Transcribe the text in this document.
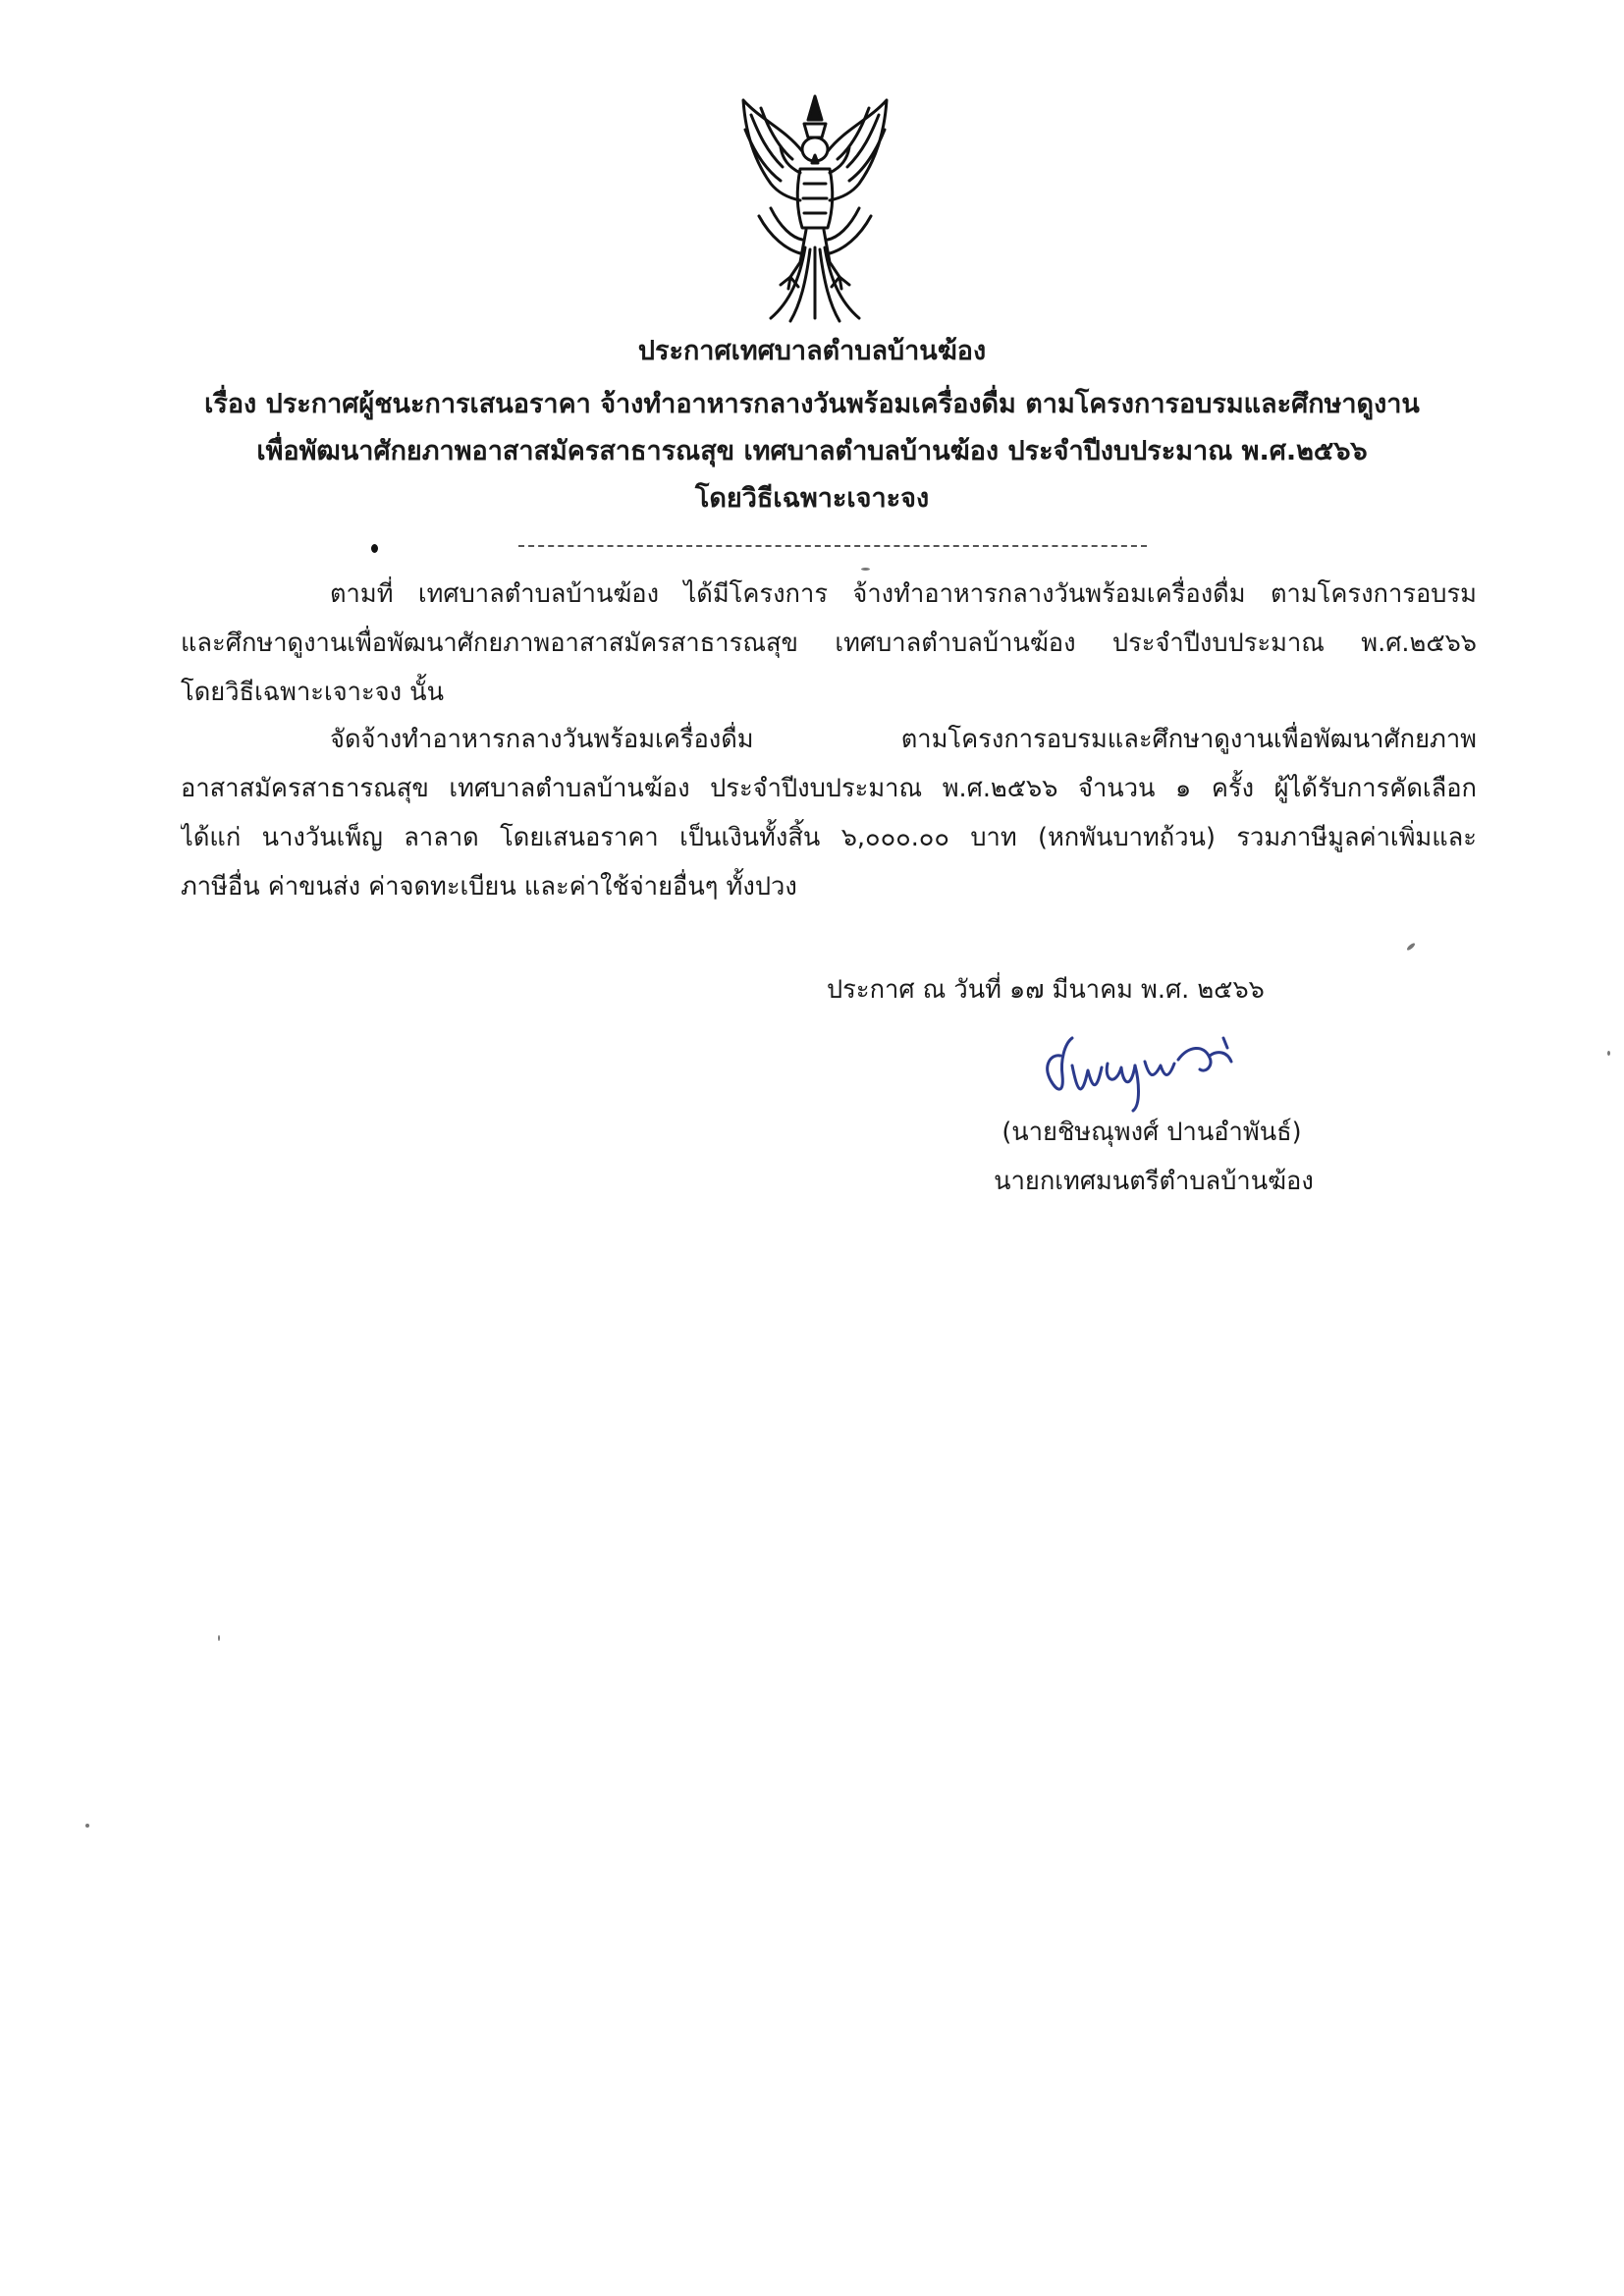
ประกาศเทศบาลตำบลบ้านฆ้อง
เรื่อง ประกาศผู้ชนะการเสนอราคา จ้างทำอาหารกลางวันพร้อมเครื่องดื่ม ตามโครงการอบรมและศึกษาดูงาน
เพื่อพัฒนาศักยภาพอาสาสมัครสาธารณสุข เทศบาลตำบลบ้านฆ้อง ประจำปีงบประมาณ พ.ศ.๒๕๖๖
โดยวิธีเฉพาะเจาะจง
ตามที่ เทศบาลตำบลบ้านฆ้อง ได้มีโครงการ จ้างทำอาหารกลางวันพร้อมเครื่องดื่ม ตามโครงการอบรม
และศึกษาดูงานเพื่อพัฒนาศักยภาพอาสาสมัครสาธารณสุข เทศบาลตำบลบ้านฆ้อง ประจำปีงบประมาณ พ.ศ.๒๕๖๖
โดยวิธีเฉพาะเจาะจง นั้น
จัดจ้างทำอาหารกลางวันพร้อมเครื่องดื่ม ตามโครงการอบรมและศึกษาดูงานเพื่อพัฒนาศักยภาพ
อาสาสมัครสาธารณสุข เทศบาลตำบลบ้านฆ้อง ประจำปีงบประมาณ พ.ศ.๒๕๖๖ จำนวน ๑ ครั้ง ผู้ได้รับการคัดเลือก
ได้แก่ นางวันเพ็ญ ลาลาด โดยเสนอราคา เป็นเงินทั้งสิ้น ๖,๐๐๐.๐๐ บาท (หกพันบาทถ้วน) รวมภาษีมูลค่าเพิ่มและ
ภาษีอื่น ค่าขนส่ง ค่าจดทะเบียน และค่าใช้จ่ายอื่นๆ ทั้งปวง
ประกาศ ณ วันที่ ๑๗ มีนาคม พ.ศ. ๒๕๖๖
(นายชิษณุพงศ์ ปานอำพันธ์)
นายกเทศมนตรีตำบลบ้านฆ้อง
